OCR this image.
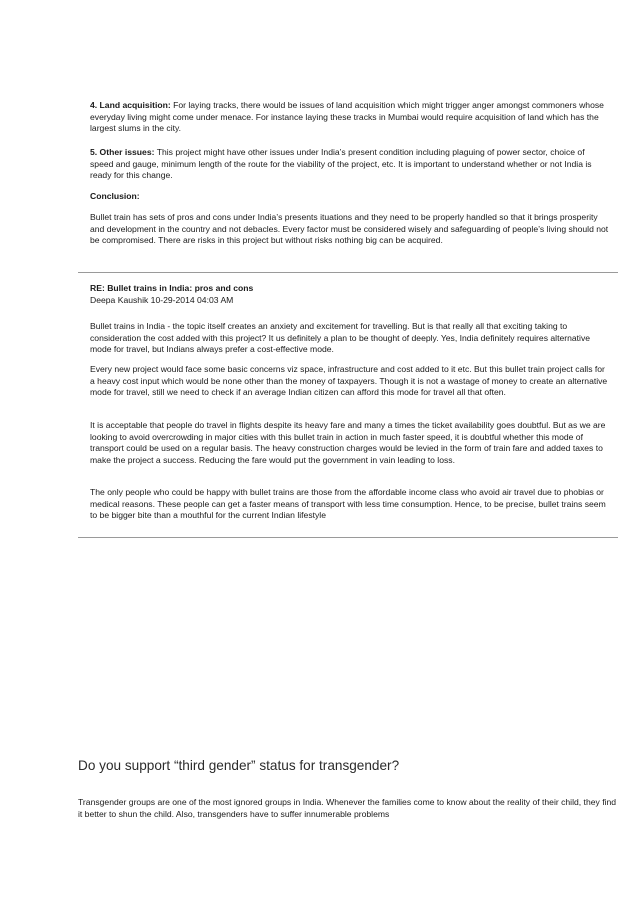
4. Land acquisition: For laying tracks, there would be issues of land acquisition which might trigger anger amongst commoners whose everyday living might come under menace. For instance laying these tracks in Mumbai would require acquisition of land which has the largest slums in the city.

5. Other issues: This project might have other issues under India’s present condition including plaguing of power sector, choice of speed and gauge, minimum length of the route for the viability of the project, etc. It is important to understand whether or not India is ready for this change.

Conclusion:

Bullet train has sets of pros and cons under India’s presents ituations and they need to be properly handled so that it brings prosperity and development in the country and not debacles. Every factor must be considered wisely and safeguarding of people’s living should not be compromised. There are risks in this project but without risks nothing big can be acquired.

RE: Bullet trains in India: pros and cons

Deepa Kaushik 10-29-2014 04:03 AM

Bullet trains in India - the topic itself creates an anxiety and excitement for travelling. But is that really all that exciting taking to consideration the cost added with this project? It us definitely a plan to be thought of deeply. Yes, India definitely requires alternative mode for travel, but Indians always prefer a cost-effective mode.

Every new project would face some basic concerns viz space, infrastructure and cost added to it etc. But this bullet train project calls for a heavy cost input which would be none other than the money of taxpayers. Though it is not a wastage of money to create an alternative mode for travel, still we need to check if an average Indian citizen can afford this mode for travel all that often.

It is acceptable that people do travel in flights despite its heavy fare and many a times the ticket availability goes doubtful. But as we are looking to avoid overcrowding in major cities with this bullet train in action in much faster speed, it is doubtful whether this mode of transport could be used on a regular basis. The heavy construction charges would be levied in the form of train fare and added taxes to make the project a success. Reducing the fare would put the government in vain leading to loss.

The only people who could be happy with bullet trains are those from the affordable income class who avoid air travel due to phobias or medical reasons. These people can get a faster means of transport with less time consumption. Hence, to be precise, bullet trains seem to be bigger bite than a mouthful for the current Indian lifestyle

Do you support “third gender” status for transgender?
Transgender groups are one of the most ignored groups in India. Whenever the families come to know about the reality of their child, they find it better to shun the child. Also, transgenders have to suffer innumerable problems
